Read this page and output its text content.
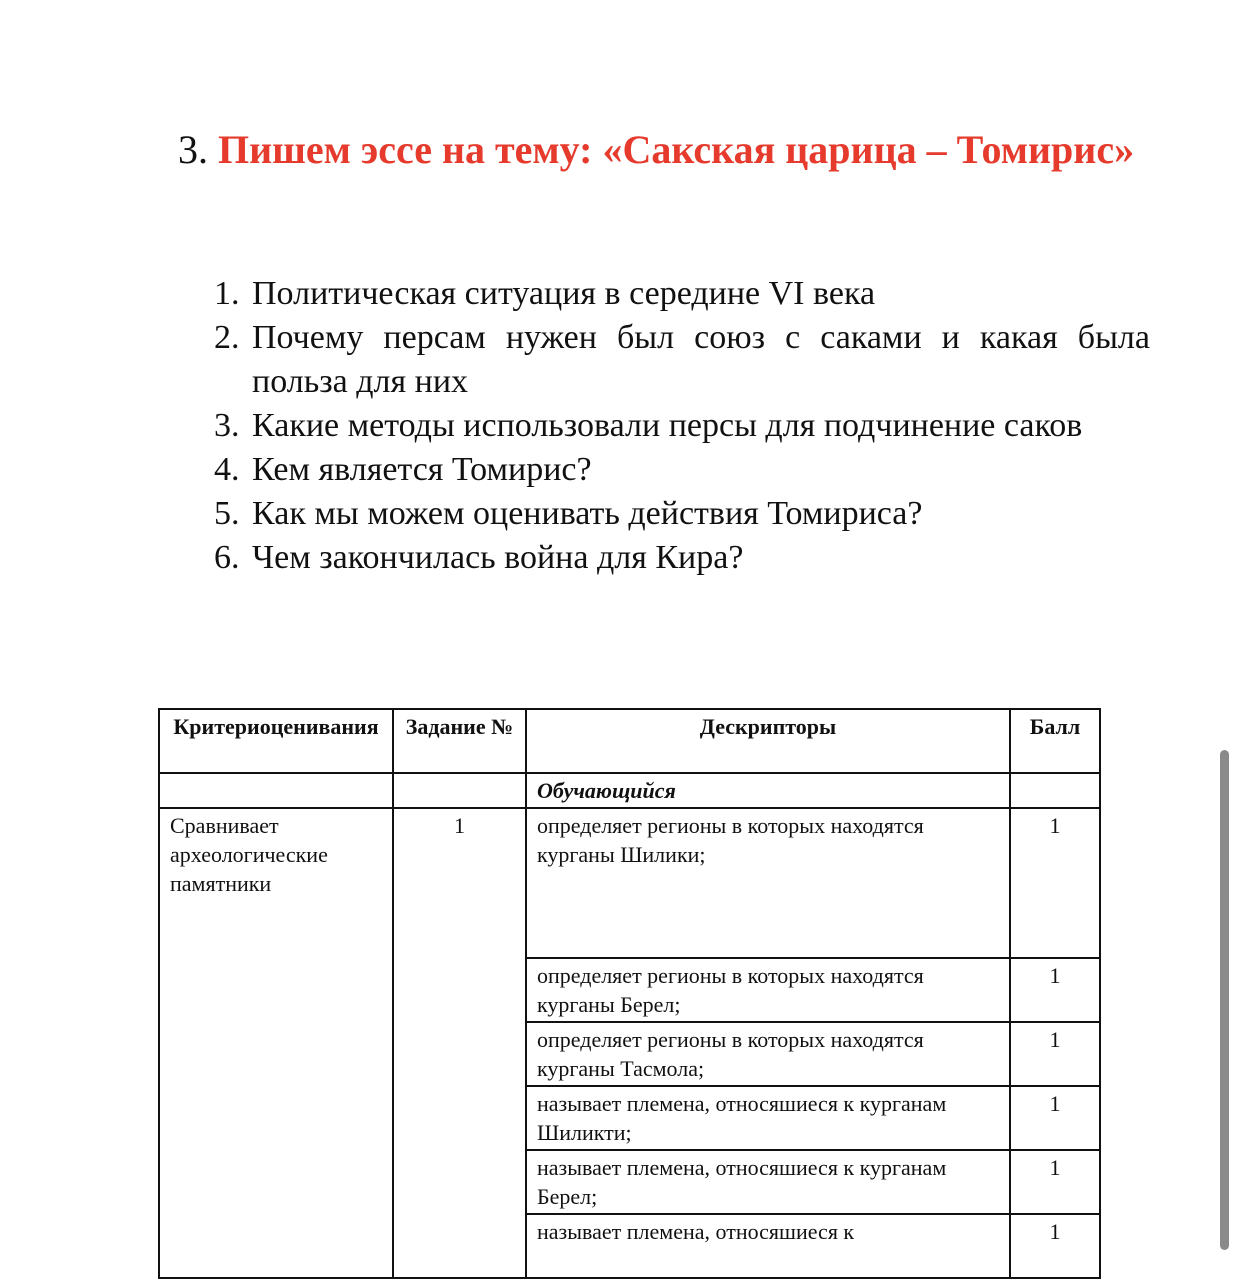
3. Пишем эссе на тему: «Сакская царица – Томирис»
1. Политическая ситуация в середине VI века
2. Почему персам нужен был союз с саками и какая была польза для них
3. Какие методы использовали персы для подчинение саков
4. Кем является Томирис?
5. Как мы можем оценивать действия Томириса?
6. Чем закончилась война для Кира?
Критериоценивания	Задание №	Дескрипторы	Балл
		Обучающийся	
Сравнивает археологические памятники	1	определяет регионы в которых находятся курганы Шилики;	1
		определяет регионы в которых находятся курганы Берел;	1
		определяет регионы в которых находятся курганы Тасмола;	1
		называет племена, относяшиеся к курганам Шиликти;	1
		называет племена, относяшиеся к курганам Берел;	1
		называет племена, относяшиеся к	1
